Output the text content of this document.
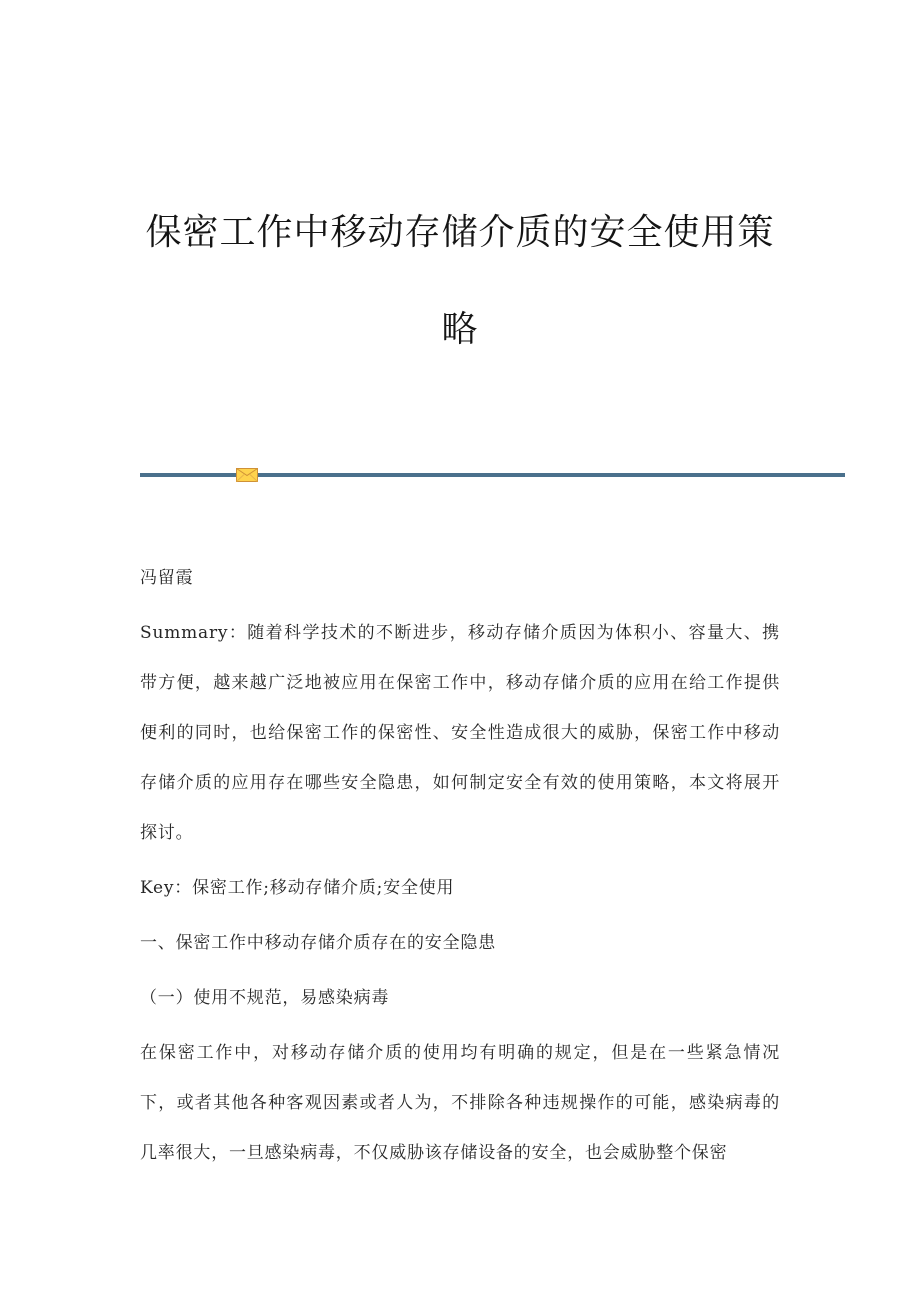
保密工作中移动存储介质的安全使用策略

冯留霞

Summary：随着科学技术的不断进步，移动存储介质因为体积小、容量大、携带方便，越来越广泛地被应用在保密工作中，移动存储介质的应用在给工作提供便利的同时，也给保密工作的保密性、安全性造成很大的威胁，保密工作中移动存储介质的应用存在哪些安全隐患，如何制定安全有效的使用策略，本文将展开探讨。

Key：保密工作;移动存储介质;安全使用

一、保密工作中移动存储介质存在的安全隐患

（一）使用不规范，易感染病毒

在保密工作中，对移动存储介质的使用均有明确的规定，但是在一些紧急情况下，或者其他各种客观因素或者人为，不排除各种违规操作的可能，感染病毒的几率很大，一旦感染病毒，不仅威胁该存储设备的安全，也会威胁整个保密
